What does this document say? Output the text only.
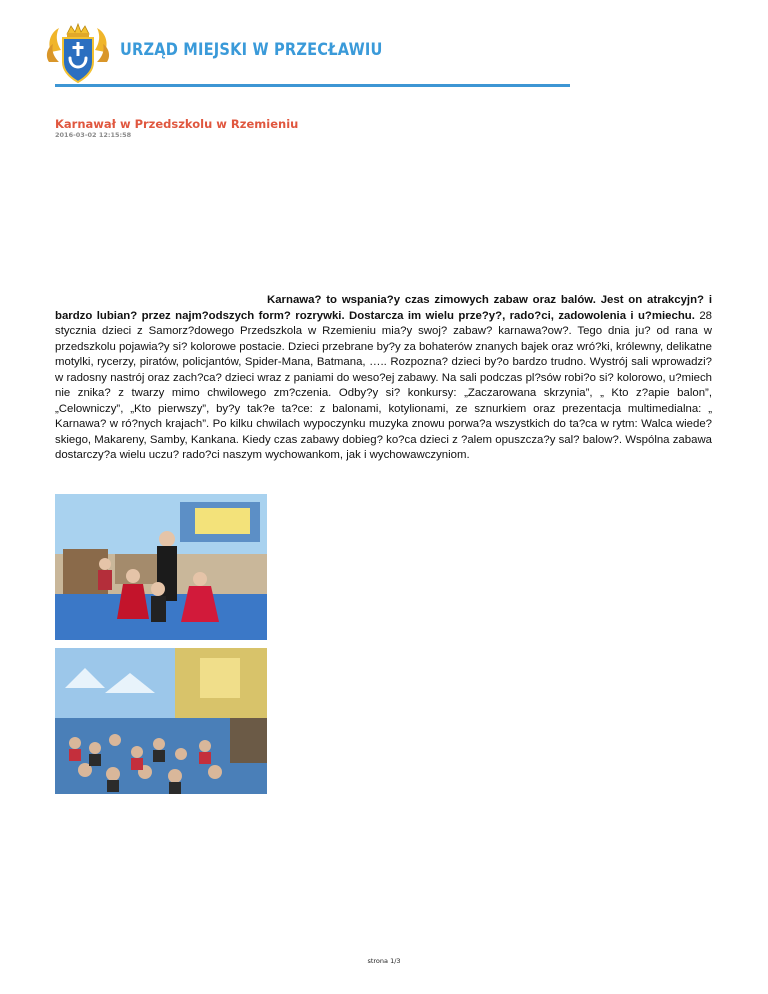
URZĄD MIEJSKI W PRZECŁAWIU
Karnawał w Przedszkolu w Rzemieniu
2016-03-02 12:15:58
Karnawa? to wspania?y czas zimowych zabaw oraz balów. Jest on atrakcyjn? i bardzo lubian? przez najm?odszych form? rozrywki. Dostarcza im wielu prze?y?, rado?ci, zadowolenia i u?miechu. 28 stycznia dzieci z Samorz?dowego Przedszkola w Rzemieniu mia?y swoj? zabaw? karnawa?ow?. Tego dnia ju? od rana w przedszkolu pojawia?y si? kolorowe postacie. Dzieci przebrane by?y za bohaterów znanych bajek oraz wró?ki, królewny, delikatne motylki, rycerzy, piratów, policjantów, Spider-Mana, Batmana, ….. Rozpozna? dzieci by?o bardzo trudno. Wystrój sali wprowadzi? w radosny nastrój oraz zach?ca? dzieci wraz z paniami do weso?ej zabawy. Na sali podczas pl?sów robi?o si? kolorowo, u?miech nie znika? z twarzy mimo chwilowego zm?czenia. Odby?y si? konkursy: „Zaczarowana skrzynia”, „ Kto z?apie balon”, „Celowniczy”, „Kto pierwszy”, by?y tak?e ta?ce: z balonami, kotylionami, ze sznurkiem oraz prezentacja multimedialna: „ Karnawa? w ró?nych krajach”. Po kilku chwilach wypoczynku muzyka znowu porwa?a wszystkich do ta?ca w rytm: Walca wiede?skiego, Makareny, Samby, Kankana. Kiedy czas zabawy dobieg? ko?ca dzieci z ?alem opuszcza?y sal? balow?. Wspólna zabawa dostarczy?a wielu uczu? rado?ci naszym wychowankom, jak i wychowawczyniom.
strona 1/3
